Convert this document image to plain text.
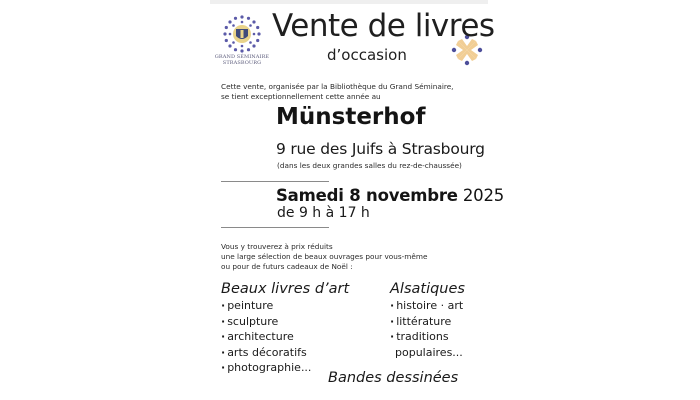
GRAND SÉMINAIRE
STRASBOURG
Vente de livres
d’occasion
Cette vente, organisée par la Bibliothèque du Grand Séminaire,
se tient exceptionnellement cette année au
Münsterhof
9 rue des Juifs à Strasbourg
(dans les deux grandes salles du rez-de-chaussée)
Samedi 8 novembre 2025
de 9 h à 17 h
Vous y trouverez à prix réduits
une large sélection de beaux ouvrages pour vous-même
ou pour de futurs cadeaux de Noël :
Beaux livres d’art
· peinture
· sculpture
· architecture
· arts décoratifs
· photographie...
Alsatiques
· histoire · art
· littérature
· traditions
populaires...
Bandes dessinées
